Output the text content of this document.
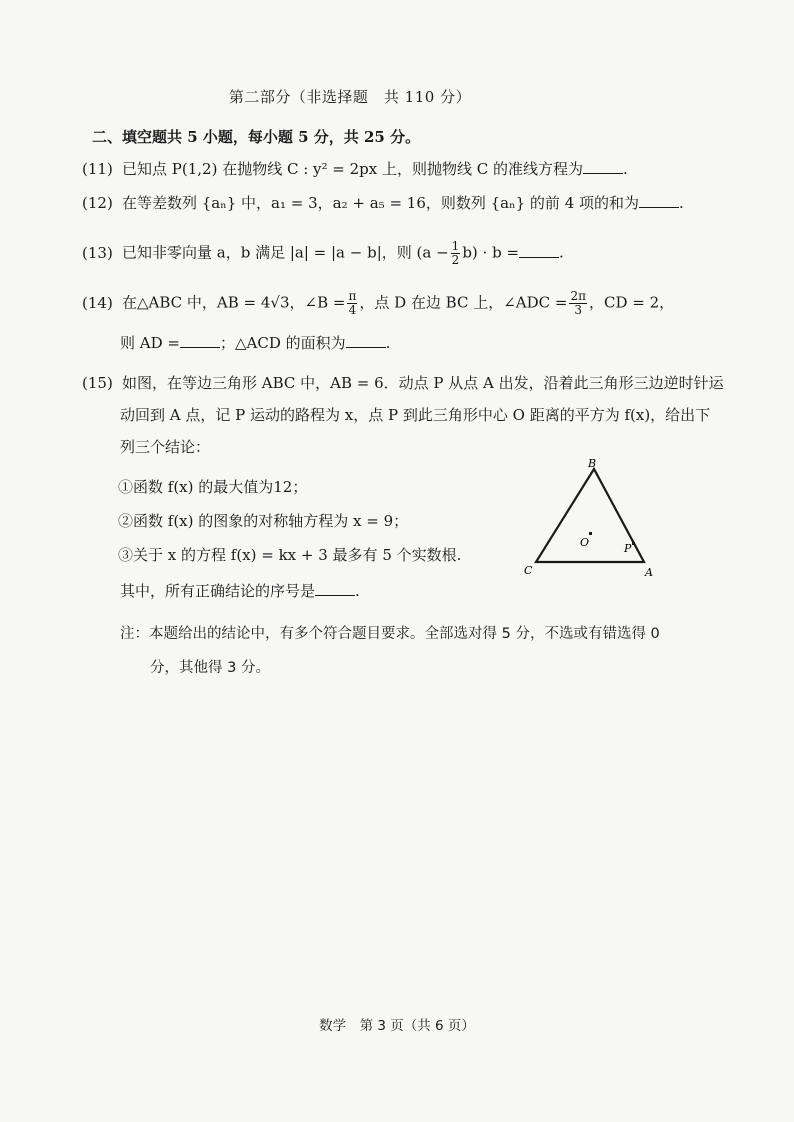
第二部分（非选择题　共 110 分）
二、填空题共 5 小题，每小题 5 分，共 25 分。
(11) 已知点 P(1,2) 在抛物线 C : y² = 2px 上，则抛物线 C 的准线方程为	.
(12) 在等差数列 {aₙ} 中，a₁ = 3，a₂ + a₅ = 16，则数列 {aₙ} 的前 4 项的和为	.
(13) 已知非零向量 a，b 满足 |a| = |a − b|，则 $(a - \frac{1}{2} b) \cdot b$ =	.
(14) 在△ABC 中，AB = 4√3，∠B = $\frac{\pi}{4}$ ，点 D 在边 BC 上，∠ADC = $\frac{2\pi}{3}$ ，CD = 2，
则 AD =	；△ACD 的面积为	.
(15) 如图，在等边三角形 ABC 中，AB = 6．动点 P 从点 A 出发，沿着此三角形三边逆时针运
动回到 A 点，记 P 运动的路程为 x，点 P 到此三角形中心 O 距离的平方为 f(x)，给出下
列三个结论：
①函数 f(x) 的最大值为12；
②函数 f(x) 的图象的对称轴方程为 x = 9；
③关于 x 的方程 f(x) = kx + 3 最多有 5 个实数根.
其中，所有正确结论的序号是	.
B
C	A
O	P
注：本题给出的结论中，有多个符合题目要求。全部选对得 5 分，不选或有错选得 0
分，其他得 3 分。
数学　第 3 页（共 6 页）
